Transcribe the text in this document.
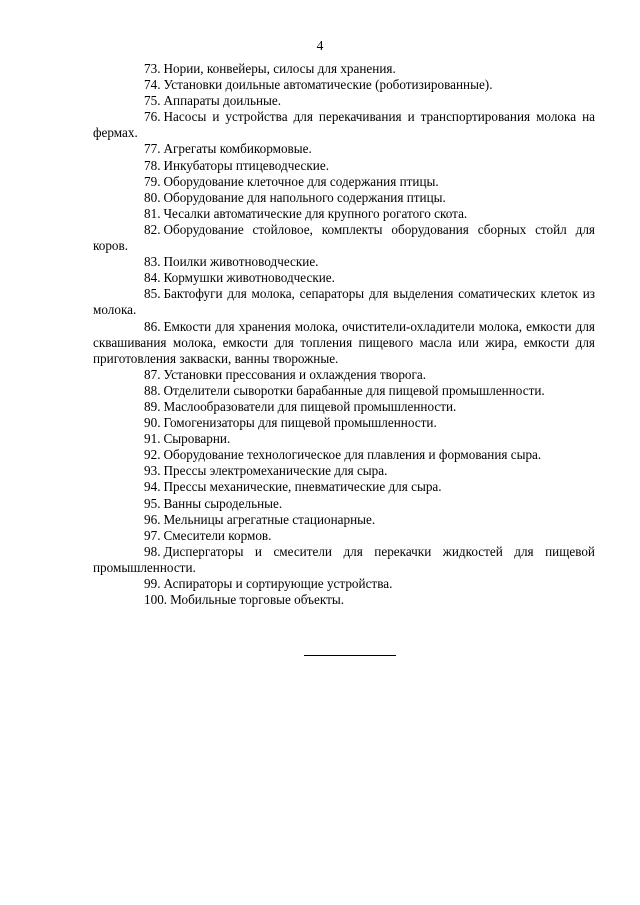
4

73. Нории, конвейеры, силосы для хранения.

74. Установки доильные автоматические (роботизированные).

75. Аппараты доильные.

76. Насосы и устройства для перекачивания и транспортирования молока на фермах.

77. Агрегаты комбикормовые.

78. Инкубаторы птицеводческие.

79. Оборудование клеточное для содержания птицы.

80. Оборудование для напольного содержания птицы.

81. Чесалки автоматические для крупного рогатого скота.

82. Оборудование стойловое, комплекты оборудования сборных стойл для коров.

83. Поилки животноводческие.

84. Кормушки животноводческие.

85. Бактофуги для молока, сепараторы для выделения соматических клеток из молока.

86. Емкости для хранения молока, очистители-охладители молока, емкости для сквашивания молока, емкости для топления пищевого масла или жира, емкости для приготовления закваски, ванны творожные.

87. Установки прессования и охлаждения творога.

88. Отделители сыворотки барабанные для пищевой промышленности.

89. Маслообразователи для пищевой промышленности.

90. Гомогенизаторы для пищевой промышленности.

91. Сыроварни.

92. Оборудование технологическое для плавления и формования сыра.

93. Прессы электромеханические для сыра.

94. Прессы механические, пневматические для сыра.

95. Ванны сыродельные.

96. Мельницы агрегатные стационарные.

97. Смесители кормов.

98. Диспергаторы и смесители для перекачки жидкостей для пищевой промышленности.

99. Аспираторы и сортирующие устройства.

100. Мобильные торговые объекты.
